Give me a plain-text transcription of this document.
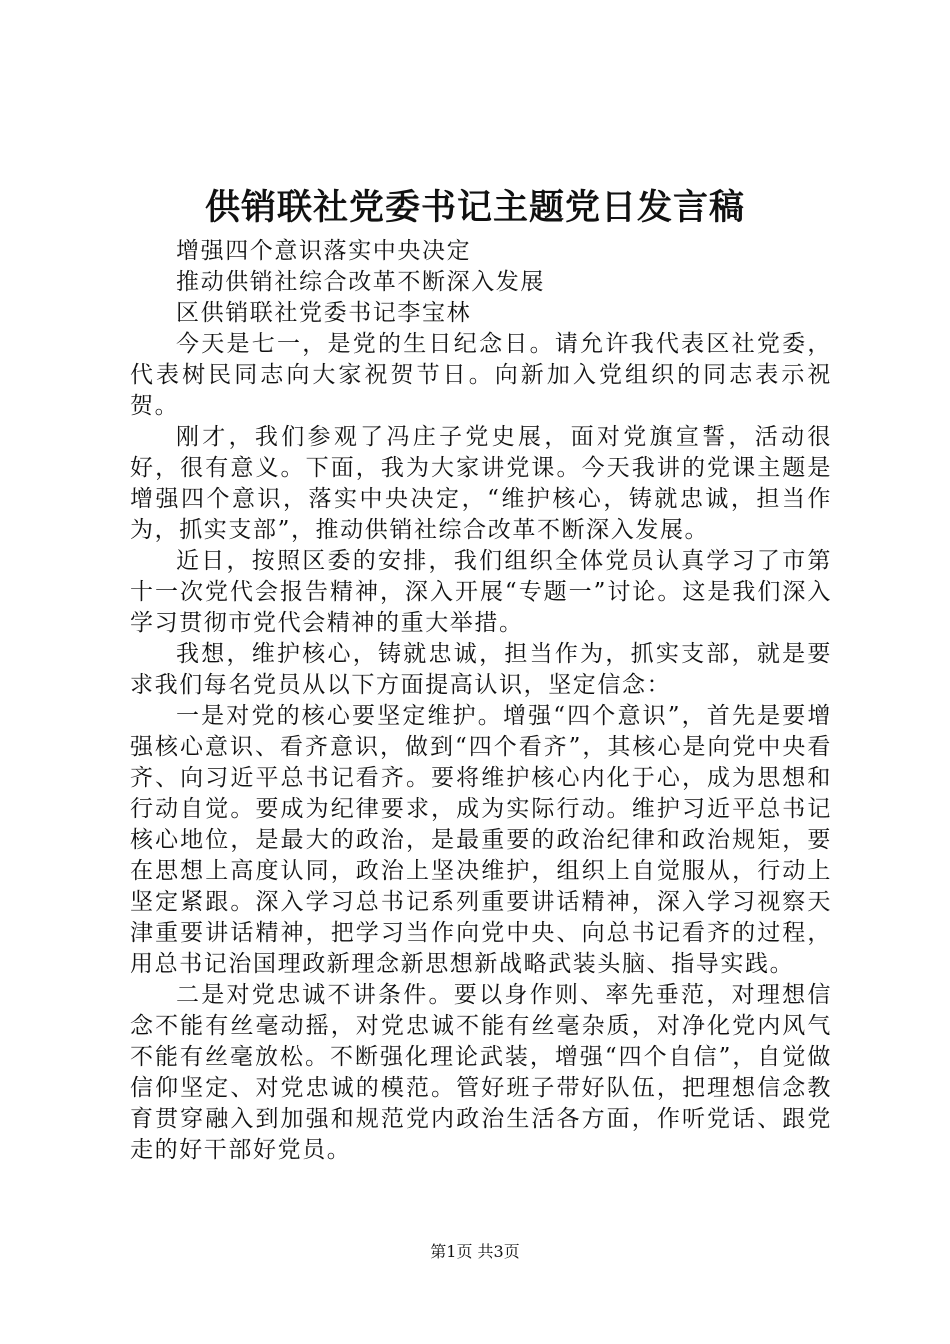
供销联社党委书记主题党日发言稿

增强四个意识落实中央决定

推动供销社综合改革不断深入发展

区供销联社党委书记李宝林

今天是七一，是党的生日纪念日。请允许我代表区社党委，代表树民同志向大家祝贺节日。向新加入党组织的同志表示祝贺。

刚才，我们参观了冯庄子党史展，面对党旗宣誓，活动很好，很有意义。下面，我为大家讲党课。今天我讲的党课主题是增强四个意识，落实中央决定，“维护核心，铸就忠诚，担当作为，抓实支部”，推动供销社综合改革不断深入发展。

近日，按照区委的安排，我们组织全体党员认真学习了市第十一次党代会报告精神，深入开展“专题一”讨论。这是我们深入学习贯彻市党代会精神的重大举措。

我想，维护核心，铸就忠诚，担当作为，抓实支部，就是要求我们每名党员从以下方面提高认识，坚定信念：

一是对党的核心要坚定维护。增强“四个意识”，首先是要增强核心意识、看齐意识，做到“四个看齐”，其核心是向党中央看齐、向习近平总书记看齐。要将维护核心内化于心，成为思想和行动自觉。要成为纪律要求，成为实际行动。维护习近平总书记核心地位，是最大的政治，是最重要的政治纪律和政治规矩，要在思想上高度认同，政治上坚决维护，组织上自觉服从，行动上坚定紧跟。深入学习总书记系列重要讲话精神，深入学习视察天津重要讲话精神，把学习当作向党中央、向总书记看齐的过程，用总书记治国理政新理念新思想新战略武装头脑、指导实践。

二是对党忠诚不讲条件。要以身作则、率先垂范，对理想信念不能有丝毫动摇，对党忠诚不能有丝毫杂质，对净化党内风气不能有丝毫放松。不断强化理论武装，增强“四个自信”，自觉做信仰坚定、对党忠诚的模范。管好班子带好队伍，把理想信念教育贯穿融入到加强和规范党内政治生活各方面，作听党话、跟党走的好干部好党员。

第1页 共3页
